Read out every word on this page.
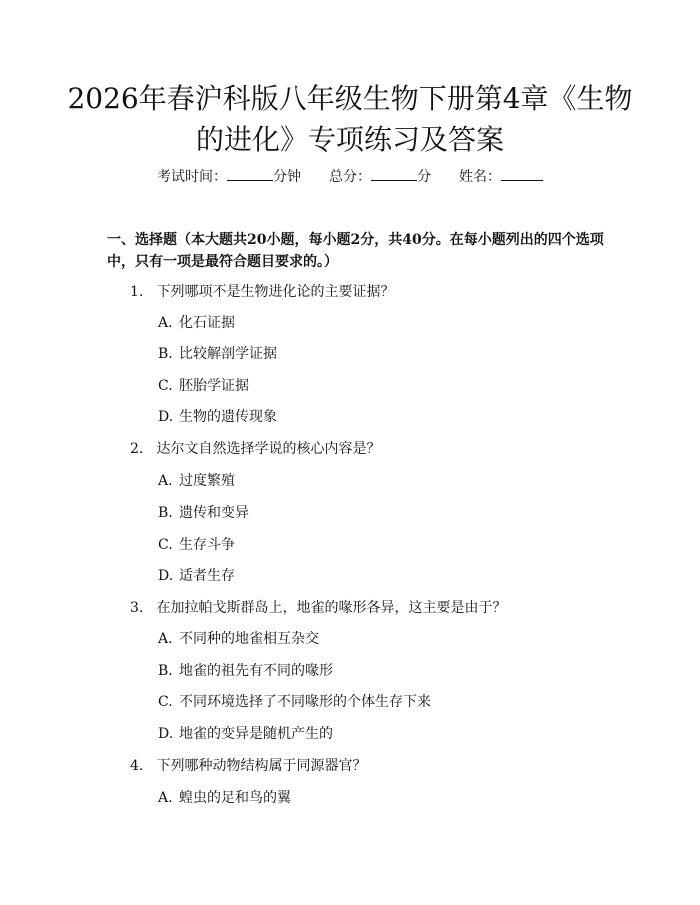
2026年春沪科版八年级生物下册第4章《生物的进化》专项练习及答案
考试时间：	分钟 总分：	分 姓名：

一、选择题（本大题共20小题，每小题2分，共40分。在每小题列出的四个选项中，只有一项是最符合题目要求的。）

1. 下列哪项不是生物进化论的主要证据？
A. 化石证据
B. 比较解剖学证据
C. 胚胎学证据
D. 生物的遗传现象
2. 达尔文自然选择学说的核心内容是？
A. 过度繁殖
B. 遗传和变异
C. 生存斗争
D. 适者生存
3. 在加拉帕戈斯群岛上，地雀的喙形各异，这主要是由于？
A. 不同种的地雀相互杂交
B. 地雀的祖先有不同的喙形
C. 不同环境选择了不同喙形的个体生存下来
D. 地雀的变异是随机产生的
4. 下列哪种动物结构属于同源器官？
A. 蝗虫的足和鸟的翼
